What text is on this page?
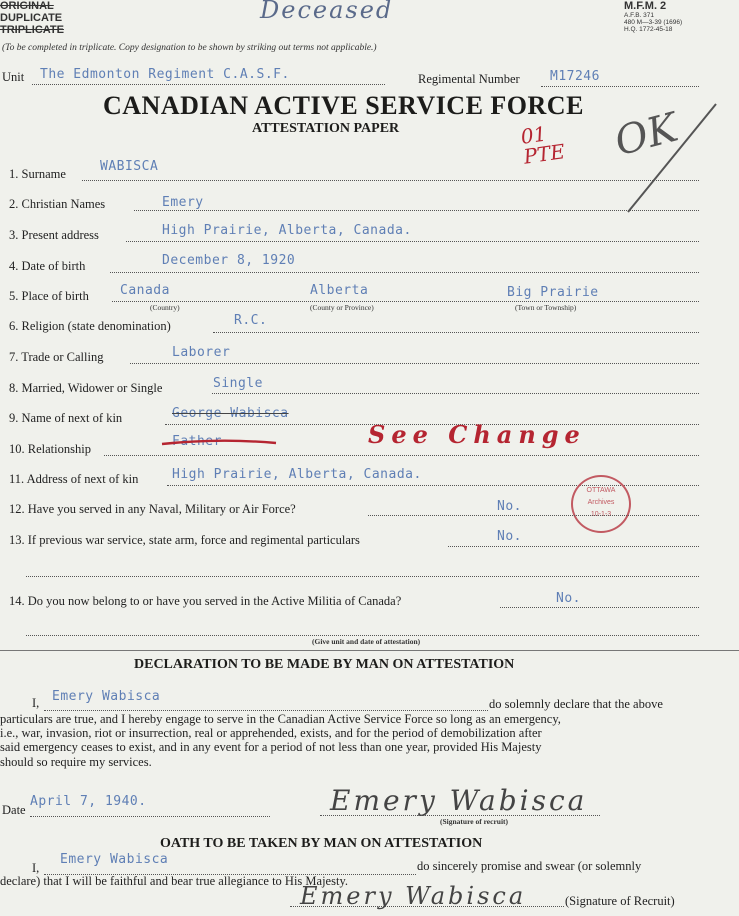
ORIGINAL
DUPLICATE
TRIPLICATE
Deceased	M.F.M. 2
A.F.B. 371
480 M—3-39 (1696)
H.Q. 1772-45-18
(To be completed in triplicate. Copy designation to be shown by striking out terms not applicable.)
Unit The Edmonton Regiment C.A.S.F.	Regimental Number M17246
CANADIAN ACTIVE SERVICE FORCE
ATTESTATION PAPER	01 PTE	OK
1. Surname	WABISCA
2. Christian Names	Emery
3. Present address	High Prairie, Alberta, Canada.
4. Date of birth	December 8, 1920
5. Place of birth Canada	Alberta	Big Prairie
(Country)	(County or Province)	(Town or Township)
6. Religion (state denomination)	R.C.
7. Trade or Calling	Laborer
8. Married, Widower or Single	Single
9. Name of next of kin	George Wabisca
10. Relationship	Father	See Change
11. Address of next of kin	High Prairie, Alberta, Canada.
OTTAWA
Archives
10-1-3
12. Have you served in any Naval, Military or Air Force?	No.
13. If previous war service, state arm, force and regimental particulars	No.
14. Do you now belong to or have you served in the Active Militia of Canada?	No.
(Give unit and date of attestation)
DECLARATION TO BE MADE BY MAN ON ATTESTATION
I, Emery Wabisca	do solemnly declare that the above
particulars are true, and I hereby engage to serve in the Canadian Active Service Force so long as an emergency,
i.e., war, invasion, riot or insurrection, real or apprehended, exists, and for the period of demobilization after
said emergency ceases to exist, and in any event for a period of not less than one year, provided His Majesty
should so require my services.
Date
April 7, 1940.	Emery Wabisca
(Signature of recruit)
OATH TO BE TAKEN BY MAN ON ATTESTATION
I,
Emery Wabisca	do sincerely promise and swear (or solemnly
declare) that I will be faithful and bear true allegiance to His Majesty.
Emery Wabisca	(Signature of Recruit)
